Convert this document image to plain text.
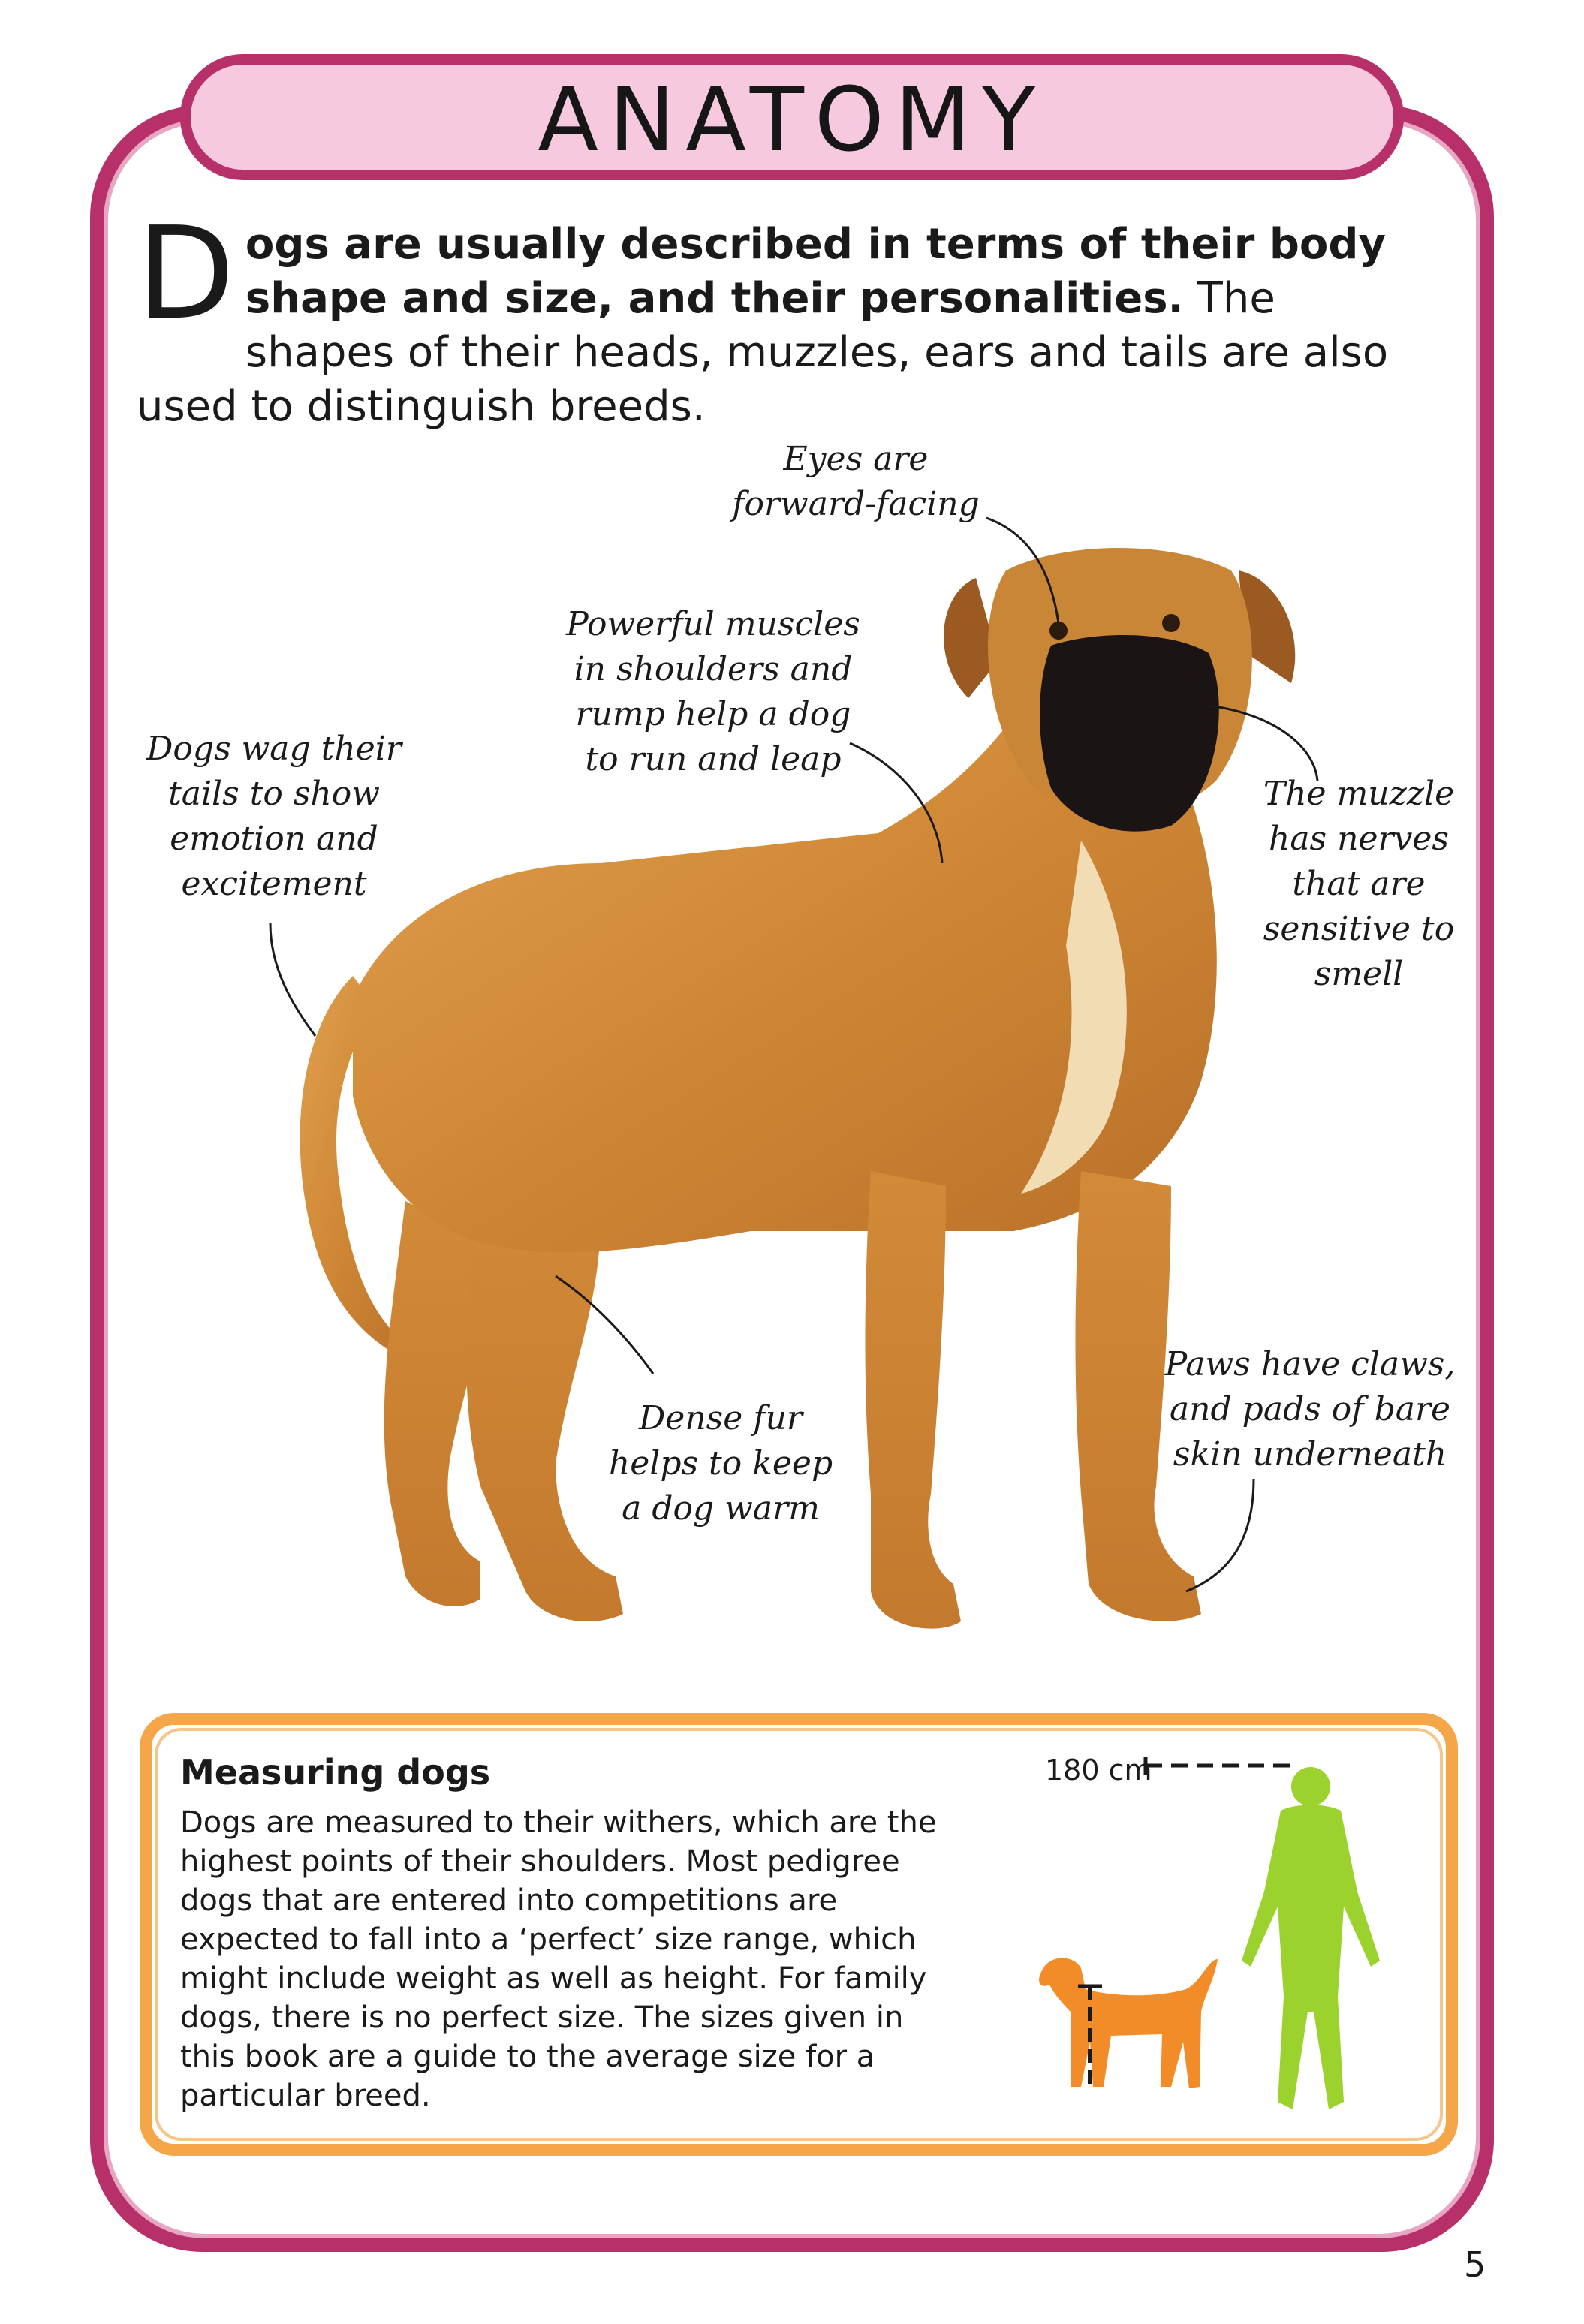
ANATOMY
Dogs are usually described in terms of their body shape and size, and their personalities. The shapes of their heads, muzzles, ears and tails are also used to distinguish breeds.
Eyes are
forward-facing
Powerful muscles
in shoulders and
rump help a dog
to run and leap
Dogs wag their
tails to show
emotion and
excitement
The muzzle
has nerves
that are
sensitive to
smell
Dense fur
helps to keep
a dog warm
Paws have claws,
and pads of bare
skin underneath
Measuring dogs
Dogs are measured to their withers, which are the highest points of their shoulders. Most pedigree dogs that are entered into competitions are expected to fall into a ‘perfect’ size range, which might include weight as well as height. For family dogs, there is no perfect size. The sizes given in this book are a guide to the average size for a particular breed.
180 cm
5
